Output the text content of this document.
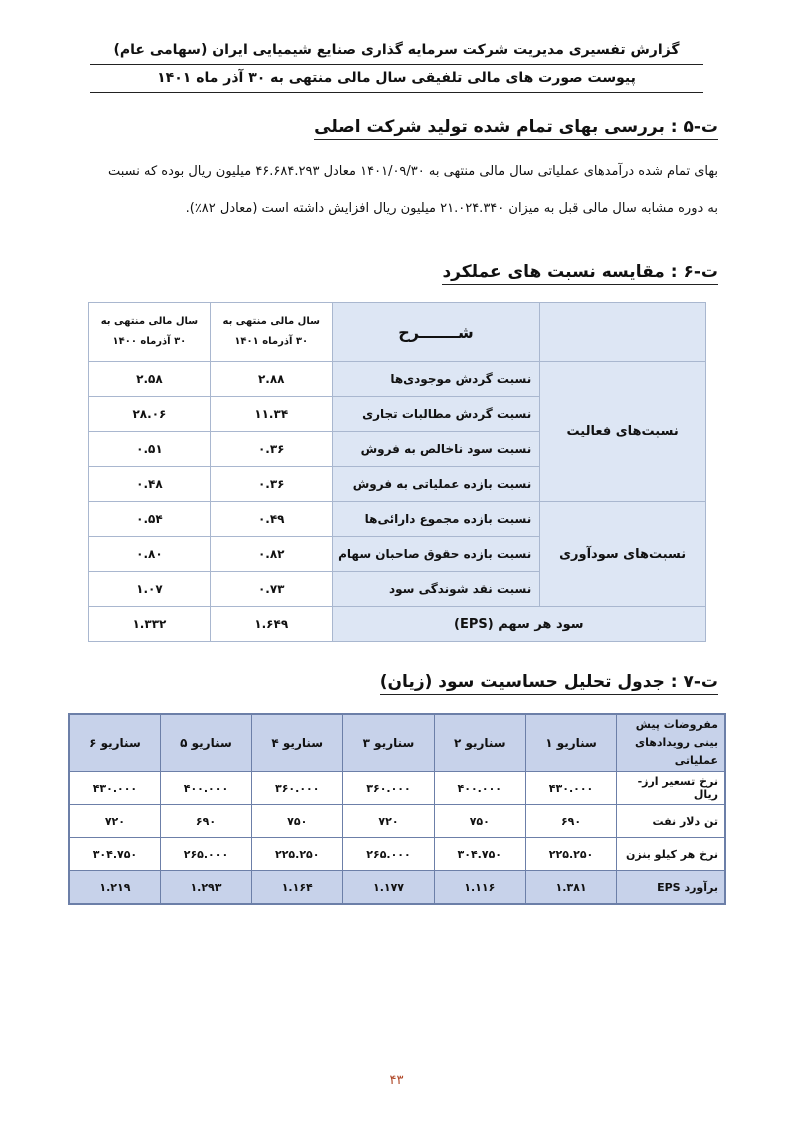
گزارش تفسیری مدیریت شرکت سرمایه گذاری صنایع شیمیایی ایران (سهامی عام)
پیوست صورت های مالی تلفیقی سال مالی منتهی به ۳۰ آذر ماه ۱۴۰۱
ت-۵ : بررسی بهای تمام شده تولید شرکت اصلی
بهای تمام شده درآمدهای عملیاتی سال مالی منتهی به ۱۴۰۱/۰۹/۳۰ معادل ۴۶.۶۸۴.۲۹۳ میلیون ریال بوده که نسبت
به دوره مشابه سال مالی قبل به میزان ۲۱.۰۲۴.۳۴۰ میلیون ریال افزایش داشته است (معادل ۸۲٪).
ت-۶ : مقایسه نسبت های عملکرد
	شـــــــرح	سال مالی منتهی به ۳۰ آذرماه ۱۴۰۱	سال مالی منتهی به ۳۰ آذرماه ۱۴۰۰
نسبت‌های فعالیت	نسبت گردش موجودی‌ها	۲.۸۸	۲.۵۸
	نسبت گردش مطالبات تجاری	۱۱.۳۴	۲۸.۰۶
	نسبت سود ناخالص به فروش	۰.۳۶	۰.۵۱
	نسبت بازده عملیاتی به فروش	۰.۳۶	۰.۴۸
نسبت‌های سودآوری	نسبت بازده مجموع دارائی‌ها	۰.۴۹	۰.۵۴
	نسبت بازده حقوق صاحبان سهام	۰.۸۲	۰.۸۰
	نسبت نقد شوندگی سود	۰.۷۳	۱.۰۷
سود هر سهم (EPS)		۱.۶۴۹	۱.۳۳۲
ت-۷ : جدول تحلیل حساسیت سود (زیان)
مفروضات پیش بینی رویدادهای عملیاتی	سناریو ۱	سناریو ۲	سناریو ۳	سناریو ۴	سناریو ۵	سناریو ۶
نرخ تسعیر ارز- ریال	۴۳۰.۰۰۰	۴۰۰.۰۰۰	۳۶۰.۰۰۰	۳۶۰.۰۰۰	۴۰۰.۰۰۰	۴۳۰.۰۰۰
تن دلار نفت	۶۹۰	۷۵۰	۷۲۰	۷۵۰	۶۹۰	۷۲۰
نرخ هر کیلو بنزن	۲۲۵.۲۵۰	۳۰۴.۷۵۰	۲۶۵.۰۰۰	۲۲۵.۲۵۰	۲۶۵.۰۰۰	۳۰۴.۷۵۰
برآورد EPS	۱.۳۸۱	۱.۱۱۶	۱.۱۷۷	۱.۱۶۴	۱.۲۹۳	۱.۲۱۹
۴۳
